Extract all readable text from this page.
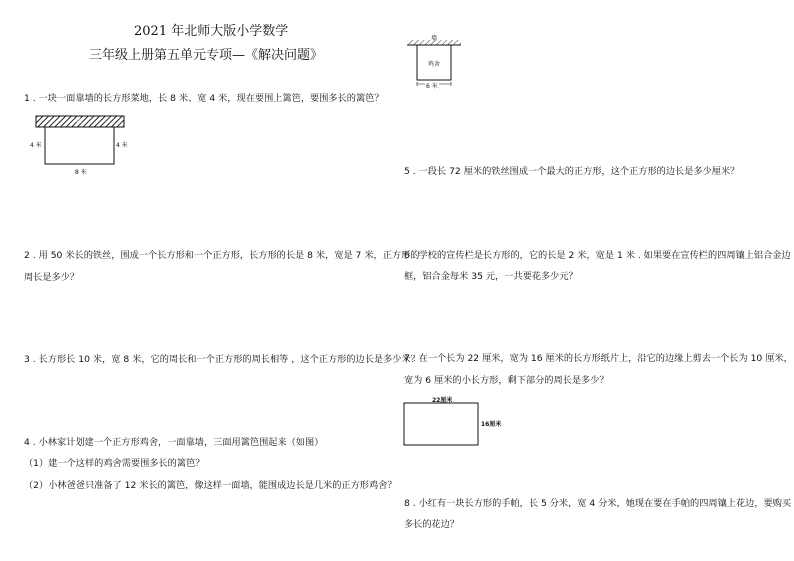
2021 年北师大版小学数学
三年级上册第五单元专项—《解决问题》
1 . 一块一面靠墙的长方形菜地，长 8 米、宽 4 米，现在要围上篱笆，要围多长的篱笆？
墙
4 米	4 米
8 米
2 . 用 50 米长的铁丝，围成一个长方形和一个正方形，长方形的长是 8 米，宽是 7 米，正方形的
周长是多少？
3 . 长方形长 10 米，宽 8 米，它的周长和一个正方形的周长相等 ，这个正方形的边长是多少米？
4 . 小林家计划建一个正方形鸡舍，一面靠墙，三面用篱笆围起来（如图）
（1）建一个这样的鸡舍需要围多长的篱笆？
（2）小林爸爸只准备了 12 米长的篱笆，像这样一面墙，能围成边长是几米的正方形鸡舍？
墙
鸡舍
6 米
5 . 一段长 72 厘米的铁丝围成一个最大的正方形，这个正方形的边长是多少厘米？
6 . 学校的宣传栏是长方形的，它的长是 2 米，宽是 1 米 . 如果要在宣传栏的四周镶上铝合金边
框，铝合金每米 35 元，一共要花多少元？
7 . 在一个长为 22 厘米，宽为 16 厘米的长方形纸片上，沿它的边缘上剪去一个长为 10 厘米，
宽为 6 厘米的小长方形，剩下部分的周长是多少？
22厘米
16厘米
8 . 小红有一块长方形的手帕，长 5 分米，宽 4 分米，她现在要在手帕的四周镶上花边，要购买
多长的花边？
